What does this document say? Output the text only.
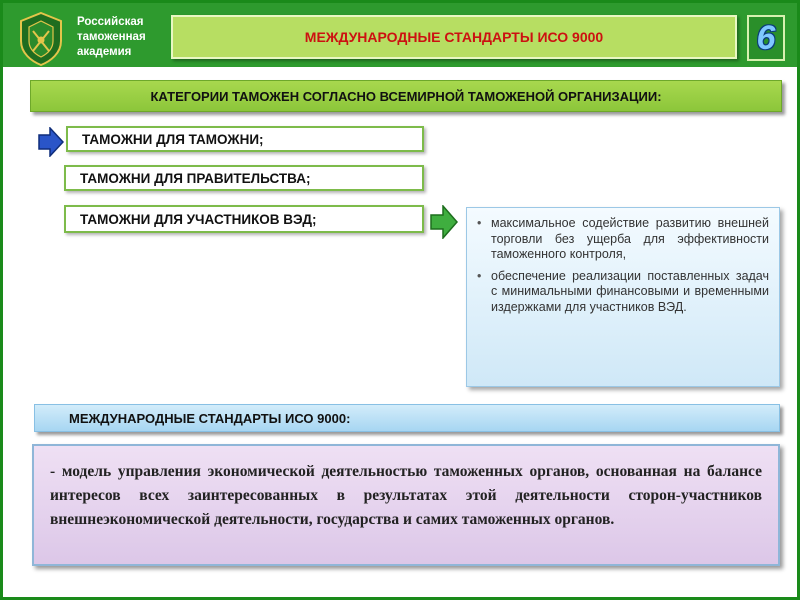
Российская
таможенная
академия
МЕЖДУНАРОДНЫЕ СТАНДАРТЫ ИСО 9000	6
КАТЕГОРИИ ТАМОЖЕН СОГЛАСНО ВСЕМИРНОЙ ТАМОЖЕНОЙ ОРГАНИЗАЦИИ:
ТАМОЖНИ ДЛЯ ТАМОЖНИ;
ТАМОЖНИ ДЛЯ ПРАВИТЕЛЬСТВА;
ТАМОЖНИ ДЛЯ УЧАСТНИКОВ ВЭД;	• максимальное содействие развитию внешней торговли без ущерба для эффективности таможенного контроля,
• обеспечение реализации поставленных задач с минимальными финансовыми и временными издержками для участников ВЭД.
МЕЖДУНАРОДНЫЕ СТАНДАРТЫ ИСО 9000:
- модель управления экономической деятельностью таможенных органов, основанная на балансе интересов всех заинтересованных в результатах этой деятельности сторон-участников внешнеэкономической деятельности, государства и самих таможенных органов.
